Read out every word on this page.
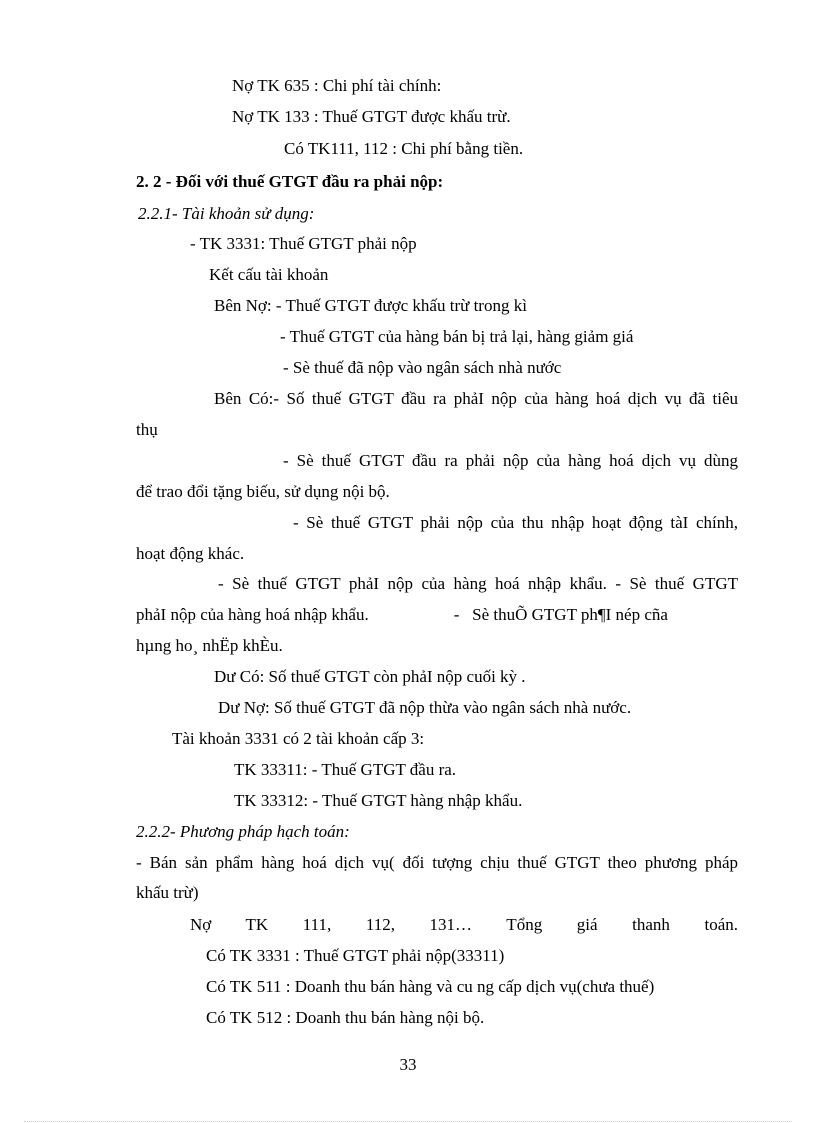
Nợ TK 635 : Chi phí tài chính:
Nợ TK 133 : Thuế GTGT được khấu trừ.
Có TK111, 112 : Chi phí bằng tiền.
2. 2 - Đối với thuế GTGT đầu ra phải nộp:
2.2.1- Tài khoản sử dụng:
- TK 3331: Thuế GTGT phải nộp
Kết cấu tài khoản
Bên Nợ: - Thuế GTGT được khấu trừ trong kì
- Thuế GTGT của hàng bán bị trả lại, hàng giảm giá
- Sè thuế đã nộp vào ngân sách nhà nước
Bên Có:- Số thuế GTGT đầu ra phảI nộp của hàng hoá dịch vụ đã tiêu
thụ
- Sè thuế GTGT đầu ra phải nộp của hàng hoá dịch vụ dùng
để trao đổi tặng biếu, sử dụng nội bộ.
- Sè thuế GTGT phải nộp của thu nhập hoạt động tàI chính,
hoạt động khác.
- Sè thuế GTGT phảI nộp của hàng hoá nhập khẩu. - Sè thuế GTGT
phảI nộp của hàng hoá nhập khẩu.                    -   Sè thuÕ GTGT ph¶I nép cña
hµng ho¸ nhËp khÈu.
Dư Có: Số thuế GTGT còn phảI nộp cuối kỳ .
Dư Nợ: Số thuế GTGT đã nộp thừa vào ngân sách nhà nước.
Tài khoản 3331 có 2 tài khoản cấp 3:
TK 33311: - Thuế GTGT đầu ra.
TK 33312: - Thuế GTGT hàng nhập khẩu.
2.2.2- Phương pháp hạch toán:
- Bán sản phẩm hàng hoá dịch vụ( đối tượng chịu thuế GTGT theo phương pháp
khấu trừ)
Nợ TK 111, 112, 131… Tổng giá thanh toán.
Có TK 3331 : Thuế GTGT phải nộp(33311)
Có TK 511 : Doanh thu bán hàng và cu ng cấp dịch vụ(chưa thuế)
Có TK 512 : Doanh thu bán hàng nội bộ.
33
